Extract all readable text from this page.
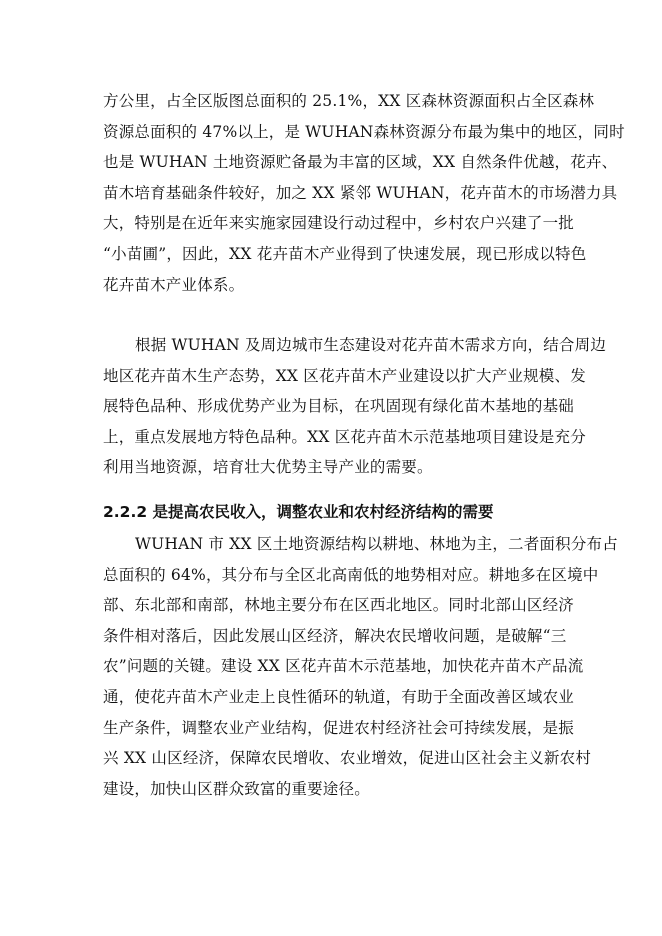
方公里，占全区版图总面积的 25.1%，XX 区森林资源面积占全区森林
资源总面积的 47%以上，是 WUHAN森林资源分布最为集中的地区，同时
也是 WUHAN 土地资源贮备最为丰富的区域，XX 自然条件优越，花卉、
苗木培育基础条件较好，加之 XX 紧邻 WUHAN，花卉苗木的市场潜力具
大，特别是在近年来实施家园建设行动过程中，乡村农户兴建了一批
“小苗圃”，因此，XX 花卉苗木产业得到了快速发展，现已形成以特色
花卉苗木产业体系。

根据 WUHAN 及周边城市生态建设对花卉苗木需求方向，结合周边
地区花卉苗木生产态势，XX 区花卉苗木产业建设以扩大产业规模、发
展特色品种、形成优势产业为目标，在巩固现有绿化苗木基地的基础
上，重点发展地方特色品种。XX 区花卉苗木示范基地项目建设是充分
利用当地资源，培育壮大优势主导产业的需要。

2.2.2 是提高农民收入，调整农业和农村经济结构的需要

WUHAN 市 XX 区土地资源结构以耕地、林地为主，二者面积分布占
总面积的 64%，其分布与全区北高南低的地势相对应。耕地多在区境中
部、东北部和南部，林地主要分布在区西北地区。同时北部山区经济
条件相对落后，因此发展山区经济，解决农民增收问题，是破解“三
农”问题的关键。建设 XX 区花卉苗木示范基地，加快花卉苗木产品流
通，使花卉苗木产业走上良性循环的轨道，有助于全面改善区域农业
生产条件，调整农业产业结构，促进农村经济社会可持续发展，是振
兴 XX 山区经济，保障农民增收、农业增效，促进山区社会主义新农村
建设，加快山区群众致富的重要途径。
